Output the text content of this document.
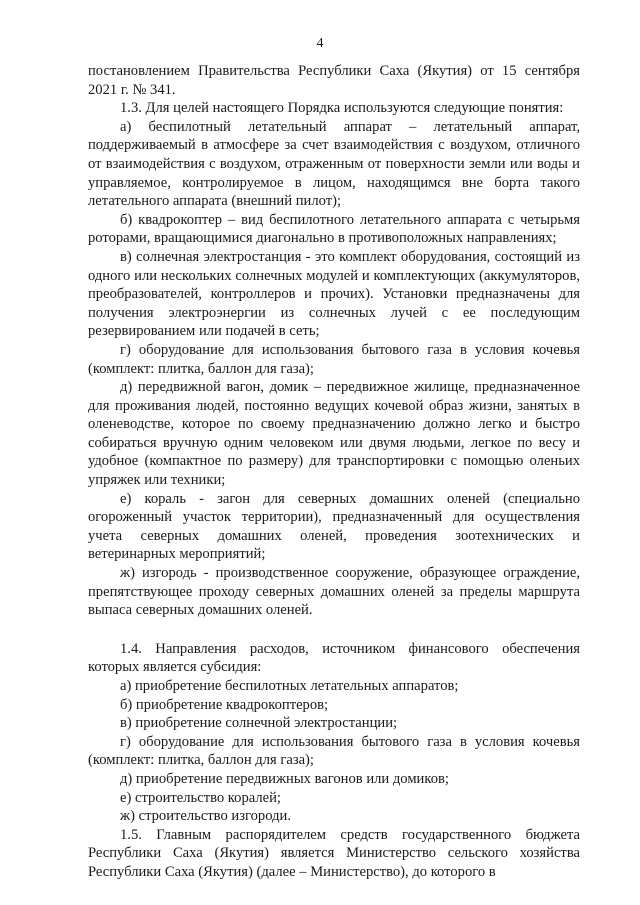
4

постановлением Правительства Республики Саха (Якутия) от 15 сентября 2021 г. № 341.

1.3. Для целей настоящего Порядка используются следующие понятия:

а) беспилотный летательный аппарат – летательный аппарат, поддерживаемый в атмосфере за счет взаимодействия с воздухом, отличного от взаимодействия с воздухом, отраженным от поверхности земли или воды и управляемое, контролируемое в лицом, находящимся вне борта такого летательного аппарата (внешний пилот);

б) квадрокоптер – вид беспилотного летательного аппарата с четырьмя роторами, вращающимися диагонально в противоположных направлениях;

в) солнечная электростанция - это комплект оборудования, состоящий из одного или нескольких солнечных модулей и комплектующих (аккумуляторов, преобразователей, контроллеров и прочих). Установки предназначены для получения электроэнергии из солнечных лучей с ее последующим резервированием или подачей в сеть;

г) оборудование для использования бытового газа в условия кочевья (комплект: плитка, баллон для газа);

д) передвижной вагон, домик – передвижное жилище, предназначенное для проживания людей, постоянно ведущих кочевой образ жизни, занятых в оленеводстве, которое по своему предназначению должно легко и быстро собираться вручную одним человеком или двумя людьми, легкое по весу и удобное (компактное по размеру) для транспортировки с помощью оленьих упряжек или техники;

е) кораль - загон для северных домашних оленей (специально огороженный участок территории), предназначенный для осуществления учета северных домашних оленей, проведения зоотехнических и ветеринарных мероприятий;

ж) изгородь - производственное сооружение, образующее ограждение, препятствующее проходу северных домашних оленей за пределы маршрута выпаса северных домашних оленей.

1.4. Направления расходов, источником финансового обеспечения которых является субсидия:

а) приобретение беспилотных летательных аппаратов;

б) приобретение квадрокоптеров;

в) приобретение солнечной электростанции;

г) оборудование для использования бытового газа в условия кочевья (комплект: плитка, баллон для газа);

д) приобретение передвижных вагонов или домиков;

е) строительство коралей;

ж) строительство изгороди.

1.5. Главным распорядителем средств государственного бюджета Республики Саха (Якутия) является Министерство сельского хозяйства Республики Саха (Якутия) (далее – Министерство), до которого в
